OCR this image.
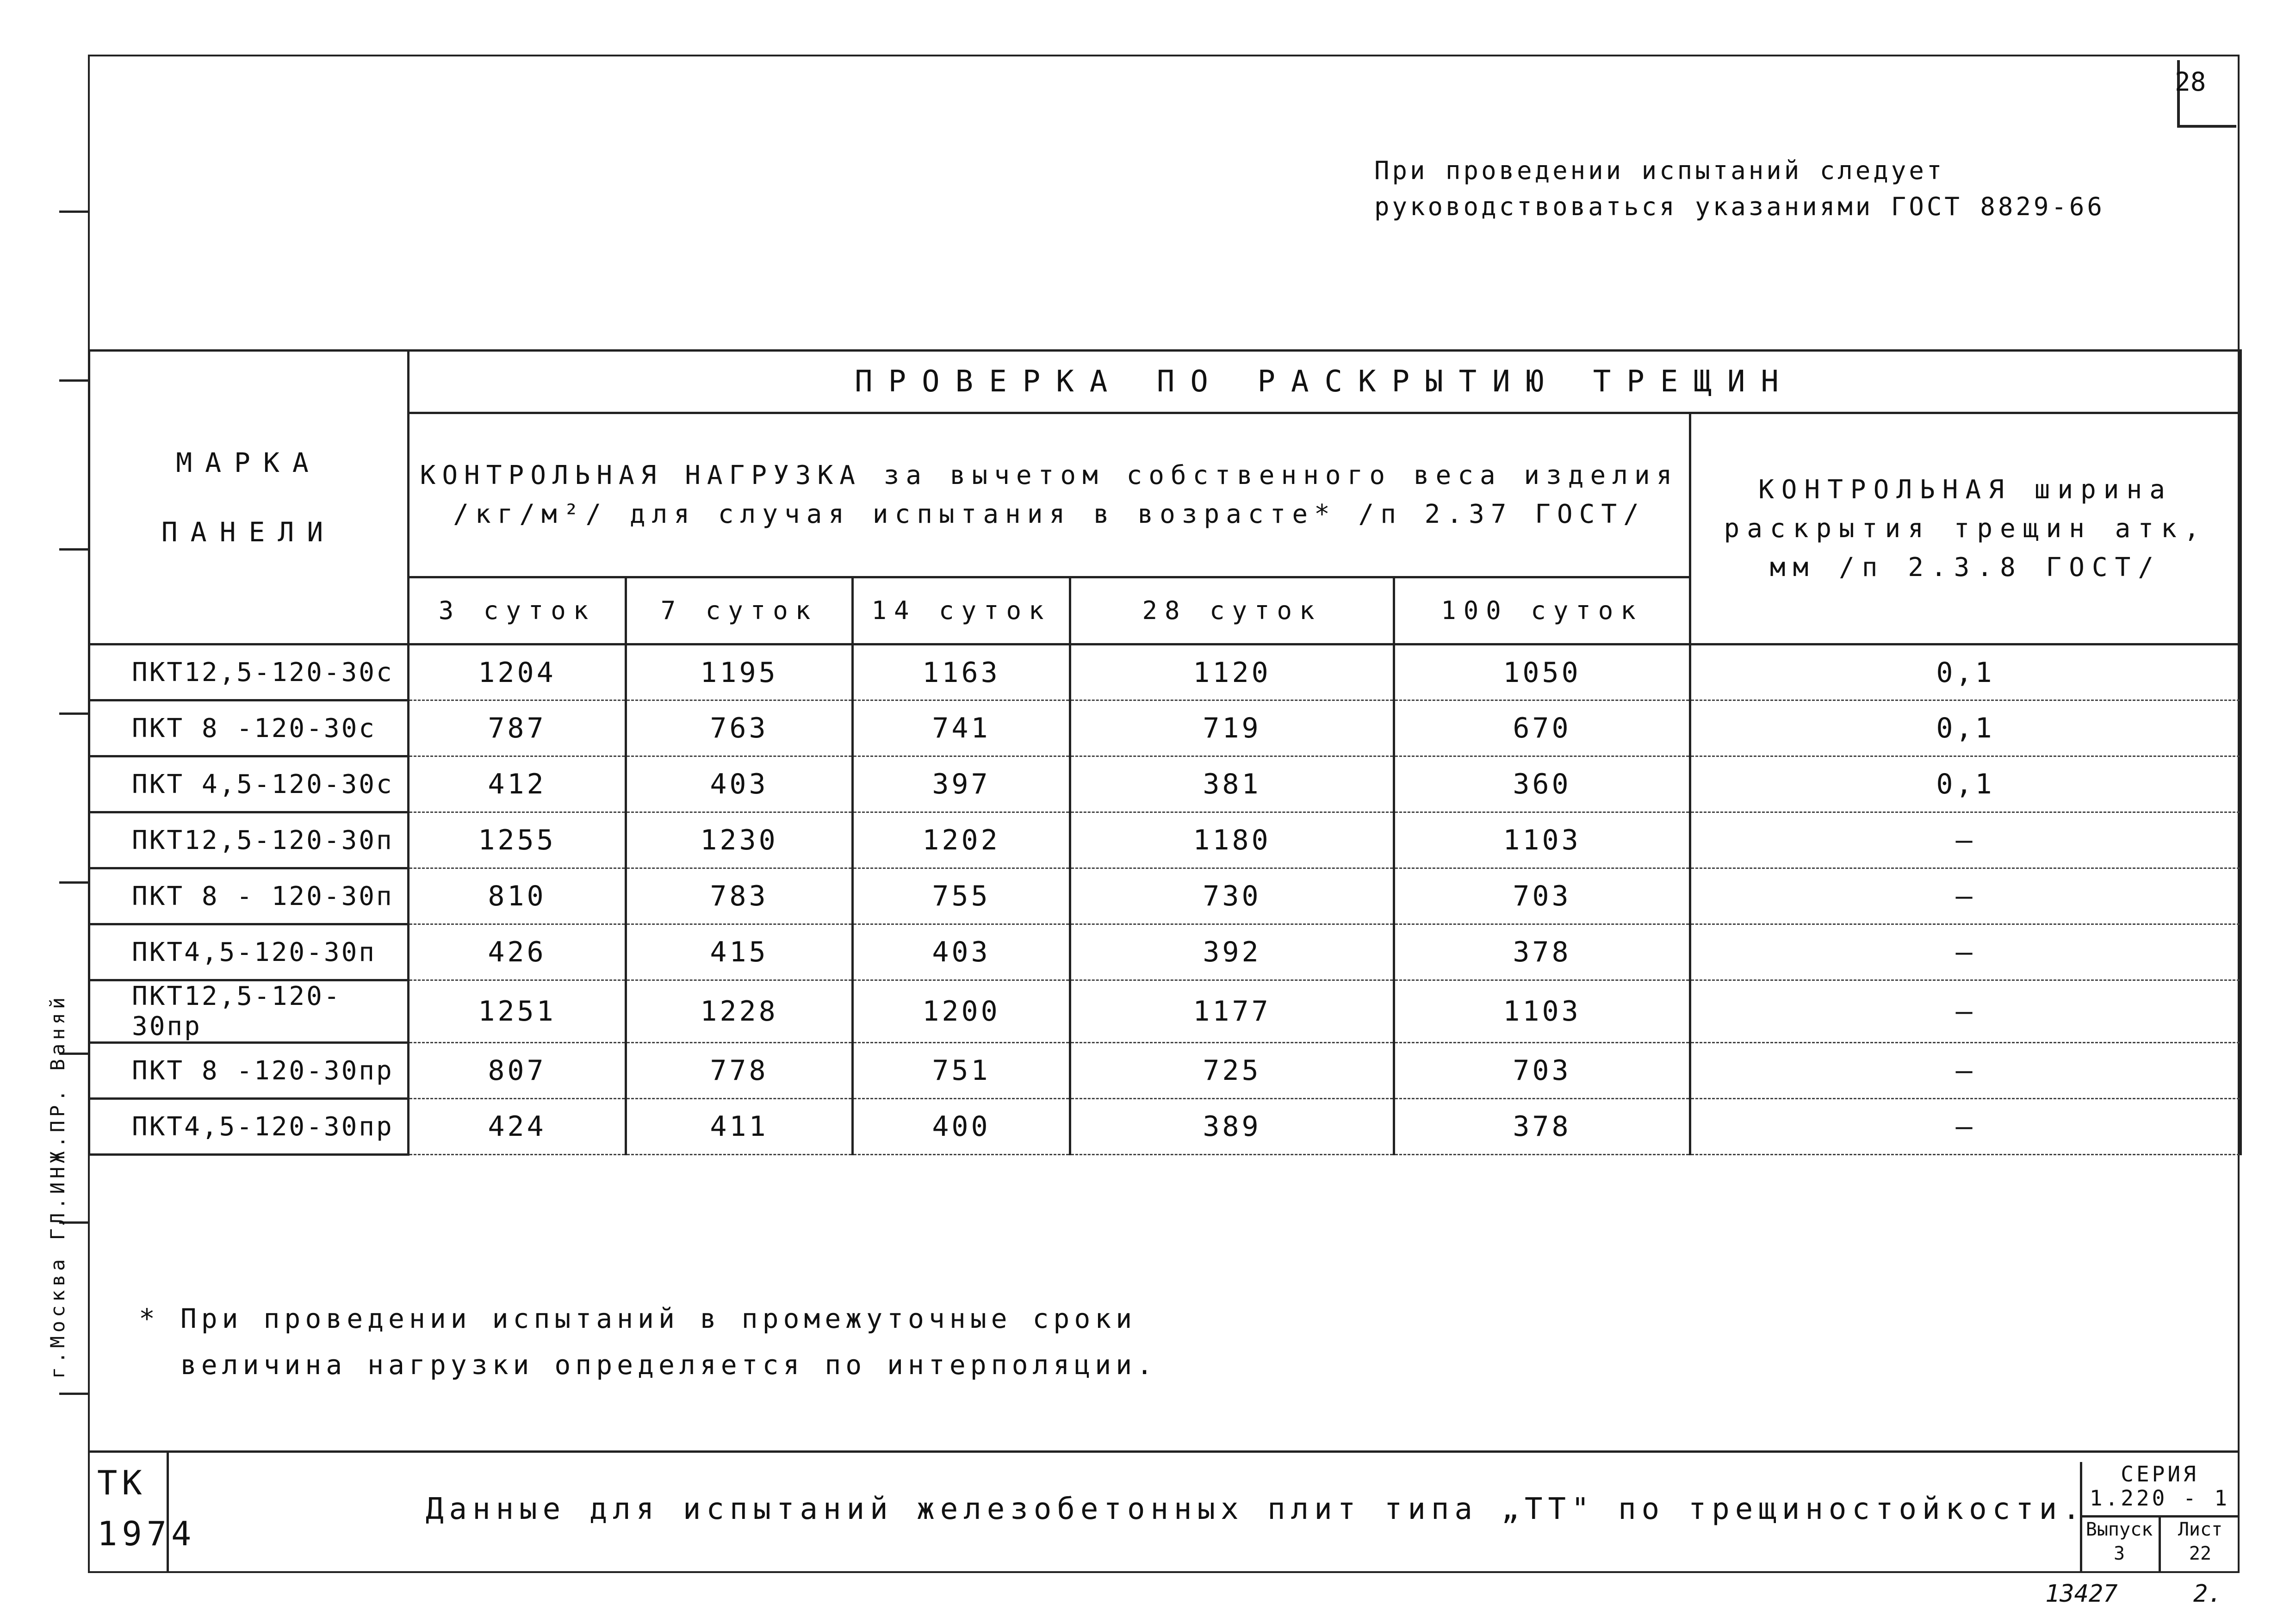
28
При проведении испытаний следует
руководствоваться указаниями ГОСТ 8829-66
г.Москва ГЛ.ИНЖ.ПР. Ваняй
МАРКА ПАНЕЛИ	ПРОВЕРКА ПО РАСКРЫТИЮ ТРЕЩИН					
	КОНТРОЛЬНАЯ НАГРУЗКА за вычетом собственного веса изделия /кг/м²/ для случая испытания в возрасте* /п 2.37 ГОСТ/					КОНТРОЛЬНАЯ ширина раскрытия трещин aтк, мм /п 2.3.8 ГОСТ/
	3 суток	7 суток	14 суток	28 суток	100 суток	
ПКТ12,5-120-30с	1204	1195	1163	1120	1050	0,1
ПКТ 8 -120-30с	787	763	741	719	670	0,1
ПКТ 4,5-120-30с	412	403	397	381	360	0,1
ПКТ12,5-120-30п	1255	1230	1202	1180	1103	—
ПКТ 8 - 120-30п	810	783	755	730	703	—
ПКТ4,5-120-30п	426	415	403	392	378	—
ПКТ12,5-120-30пр	1251	1228	1200	1177	1103	—
ПКТ 8 -120-30пр	807	778	751	725	703	—
ПКТ4,5-120-30пр	424	411	400	389	378	—
* При проведении испытаний в промежуточные сроки
величина нагрузки определяется по интерполяции.
ТК
1974
Данные для испытаний железобетонных плит типа „ТТ" по трещиностойкости.
СЕРИЯ
1.220 - 1
Выпуск
3
Лист
22
13427	2.
